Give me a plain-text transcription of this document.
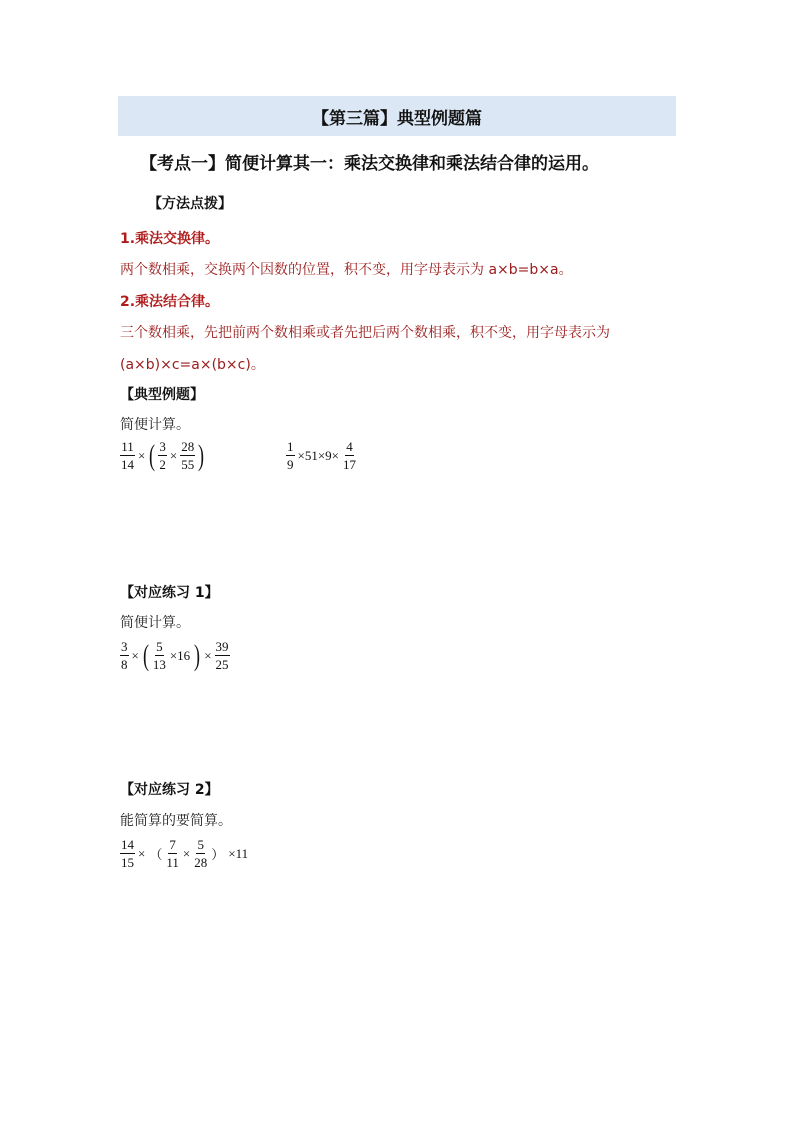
【第三篇】典型例题篇
【考点一】简便计算其一：乘法交换律和乘法结合律的运用。
【方法点拨】
1.乘法交换律。
两个数相乘，交换两个因数的位置，积不变，用字母表示为 a×b=b×a。
2.乘法结合律。
三个数相乘，先把前两个数相乘或者先把后两个数相乘，积不变，用字母表示为
(a×b)×c=a×(b×c)。
【典型例题】
简便计算。
$\frac{11}{14}$ × ( $\frac{3}{2} \times \frac{28}{55}$ )	$\frac{1}{9} \times 51\times 9\times \frac{4}{17}$
【对应练习 1】
简便计算。
$\frac{3}{8}$ × ( $\frac{5}{13} \times 16$ ) × $\frac{39}{25}$
【对应练习 2】
能简算的要简算。
$\frac{14}{15}$ × （ $\frac{7}{11} \times \frac{5}{28}$ ） ×11
